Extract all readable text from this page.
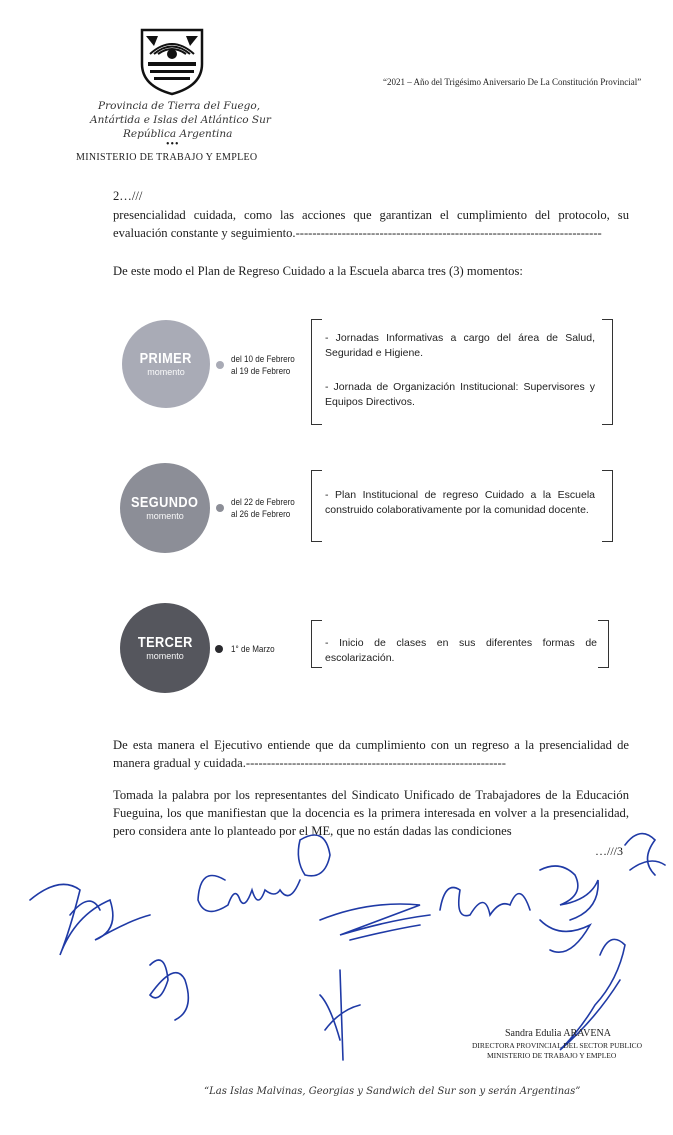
Provincia de Tierra del Fuego,
Antártida e Islas del Atlántico Sur
República Argentina
•••
MINISTERIO DE TRABAJO Y EMPLEO
“2021 – Año del Trigésimo Aniversario De La Constitución Provincial”
2…///
presencialidad cuidada, como las acciones que garantizan el cumplimiento del protocolo, su evaluación constante y seguimiento.-------------------------------------------------------------------------
De este modo el Plan de Regreso Cuidado a la Escuela abarca tres (3) momentos:
PRIMER
momento
del 10 de Febrero
al 19 de Febrero
- Jornadas Informativas a cargo del área de Salud, Seguridad e Higiene.
- Jornada de Organización Institucional: Supervisores y Equipos Directivos.
SEGUNDO
momento
del 22 de Febrero
al 26 de Febrero
- Plan Institucional de regreso Cuidado a la Escuela construido colaborativamente por la comunidad docente.
TERCER
momento
1° de Marzo
- Inicio de clases en sus diferentes formas de escolarización.
De esta manera el Ejecutivo entiende que da cumplimiento con un regreso a la presencialidad de manera gradual y cuidada.--------------------------------------------------------------
Tomada la palabra por los representantes del Sindicato Unificado de Trabajadores de la Educación Fueguina, los que manifiestan que la docencia es la primera interesada en volver a la presencialidad, pero considera ante lo planteado por el ME, que no están dadas las condiciones
…///3
Sandra Edulia ARAVENA
DIRECTORA PROVINCIAL DEL SECTOR PUBLICO
MINISTERIO DE TRABAJO Y EMPLEO
“Las Islas Malvinas, Georgias y Sandwich del Sur son y serán Argentinas”
